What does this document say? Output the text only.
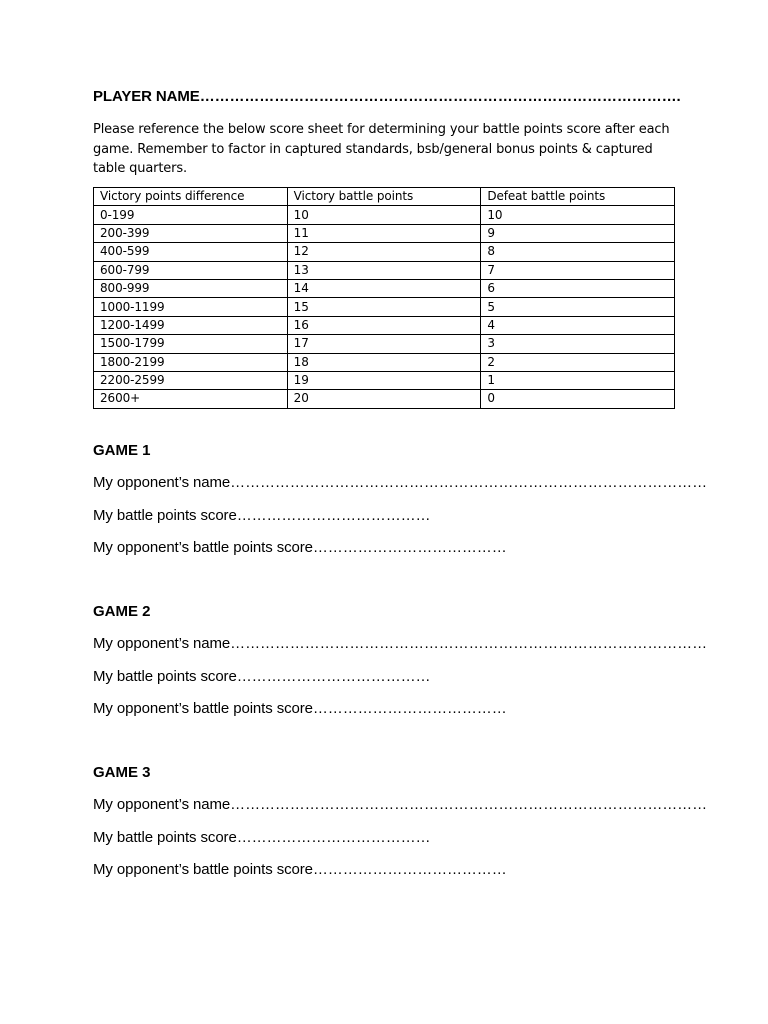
PLAYER NAME…………………………………………………………………………………….
Please reference the below score sheet for determining your battle points score after each game. Remember to factor in captured standards, bsb/general bonus points & captured table quarters.
Victory points difference	Victory battle points	Defeat battle points
0-199	10	10
200-399	11	9
400-599	12	8
600-799	13	7
800-999	14	6
1000-1199	15	5
1200-1499	16	4
1500-1799	17	3
1800-2199	18	2
2200-2599	19	1
2600+	20	0
GAME 1
My opponent’s name……………………………………………………………………………………
My battle points score…………………………………
My opponent’s battle points score…………………………………
GAME 2
My opponent’s name……………………………………………………………………………………
My battle points score…………………………………
My opponent’s battle points score…………………………………
GAME 3
My opponent’s name……………………………………………………………………………………
My battle points score…………………………………
My opponent’s battle points score…………………………………
